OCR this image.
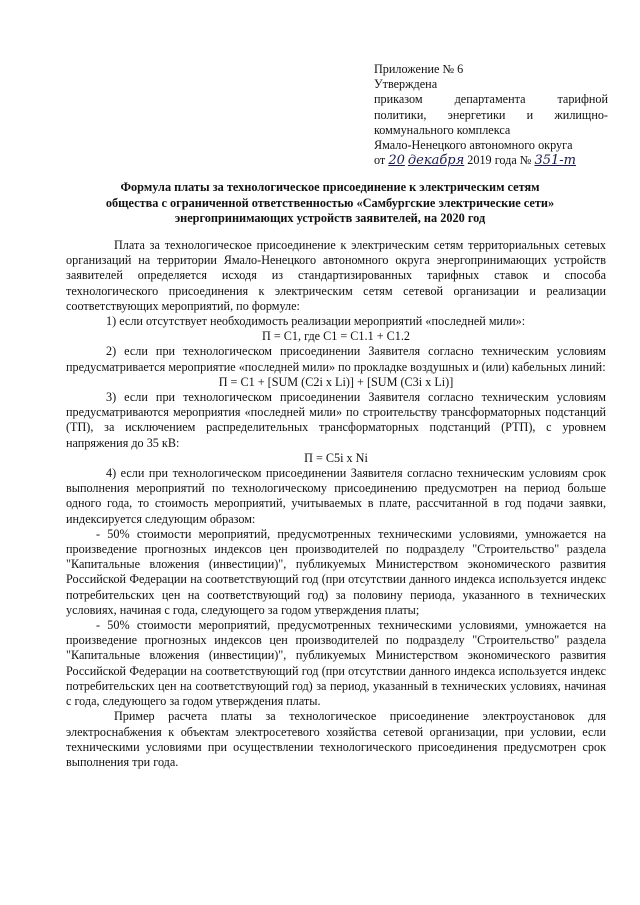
Приложение № 6
Утверждена
приказом департамента тарифной
политики, энергетики и жилищно-
коммунального комплекса
Ямало-Ненецкого автономного округа
от 20 декабря 2019 года № 351-т
Формула платы за технологическое присоединение к электрическим сетям
общества с ограниченной ответственностью «Самбургские электрические сети»
энергопринимающих устройств заявителей, на 2020 год

Плата за технологическое присоединение к электрическим сетям территориальных сетевых организаций на территории Ямало-Ненецкого автономного округа энергопринимающих устройств заявителей определяется исходя из стандартизированных тарифных ставок и способа технологического присоединения к электрическим сетям сетевой организации и реализации соответствующих мероприятий, по формуле:

1) если отсутствует необходимость реализации мероприятий «последней мили»:

П = С1, где С1 = С1.1 + С1.2

2) если при технологическом присоединении Заявителя согласно техническим условиям предусматривается мероприятие «последней мили» по прокладке воздушных и (или) кабельных линий:

П = С1 + [SUM (C2i x Li)] + [SUM (C3i x Li)]

3) если при технологическом присоединении Заявителя согласно техническим условиям предусматриваются мероприятия «последней мили» по строительству трансформаторных подстанций (ТП), за исключением распределительных трансформаторных подстанций (РТП), с уровнем напряжения до 35 кВ:

П = C5i x Ni

4) если при технологическом присоединении Заявителя согласно техническим условиям срок выполнения мероприятий по технологическому присоединению предусмотрен на период больше одного года, то стоимость мероприятий, учитываемых в плате, рассчитанной в год подачи заявки, индексируется следующим образом:

- 50% стоимости мероприятий, предусмотренных техническими условиями, умножается на произведение прогнозных индексов цен производителей по подразделу "Строительство" раздела "Капитальные вложения (инвестиции)", публикуемых Министерством экономического развития Российской Федерации на соответствующий год (при отсутствии данного индекса используется индекс потребительских цен на соответствующий год) за половину периода, указанного в технических условиях, начиная с года, следующего за годом утверждения платы;

- 50% стоимости мероприятий, предусмотренных техническими условиями, умножается на произведение прогнозных индексов цен производителей по подразделу "Строительство" раздела "Капитальные вложения (инвестиции)", публикуемых Министерством экономического развития Российской Федерации на соответствующий год (при отсутствии данного индекса используется индекс потребительских цен на соответствующий год) за период, указанный в технических условиях, начиная с года, следующего за годом утверждения платы.

Пример расчета платы за технологическое присоединение электроустановок для электроснабжения к объектам электросетевого хозяйства сетевой организации, при условии, если техническими условиями при осуществлении технологического присоединения предусмотрен срок выполнения три года.
